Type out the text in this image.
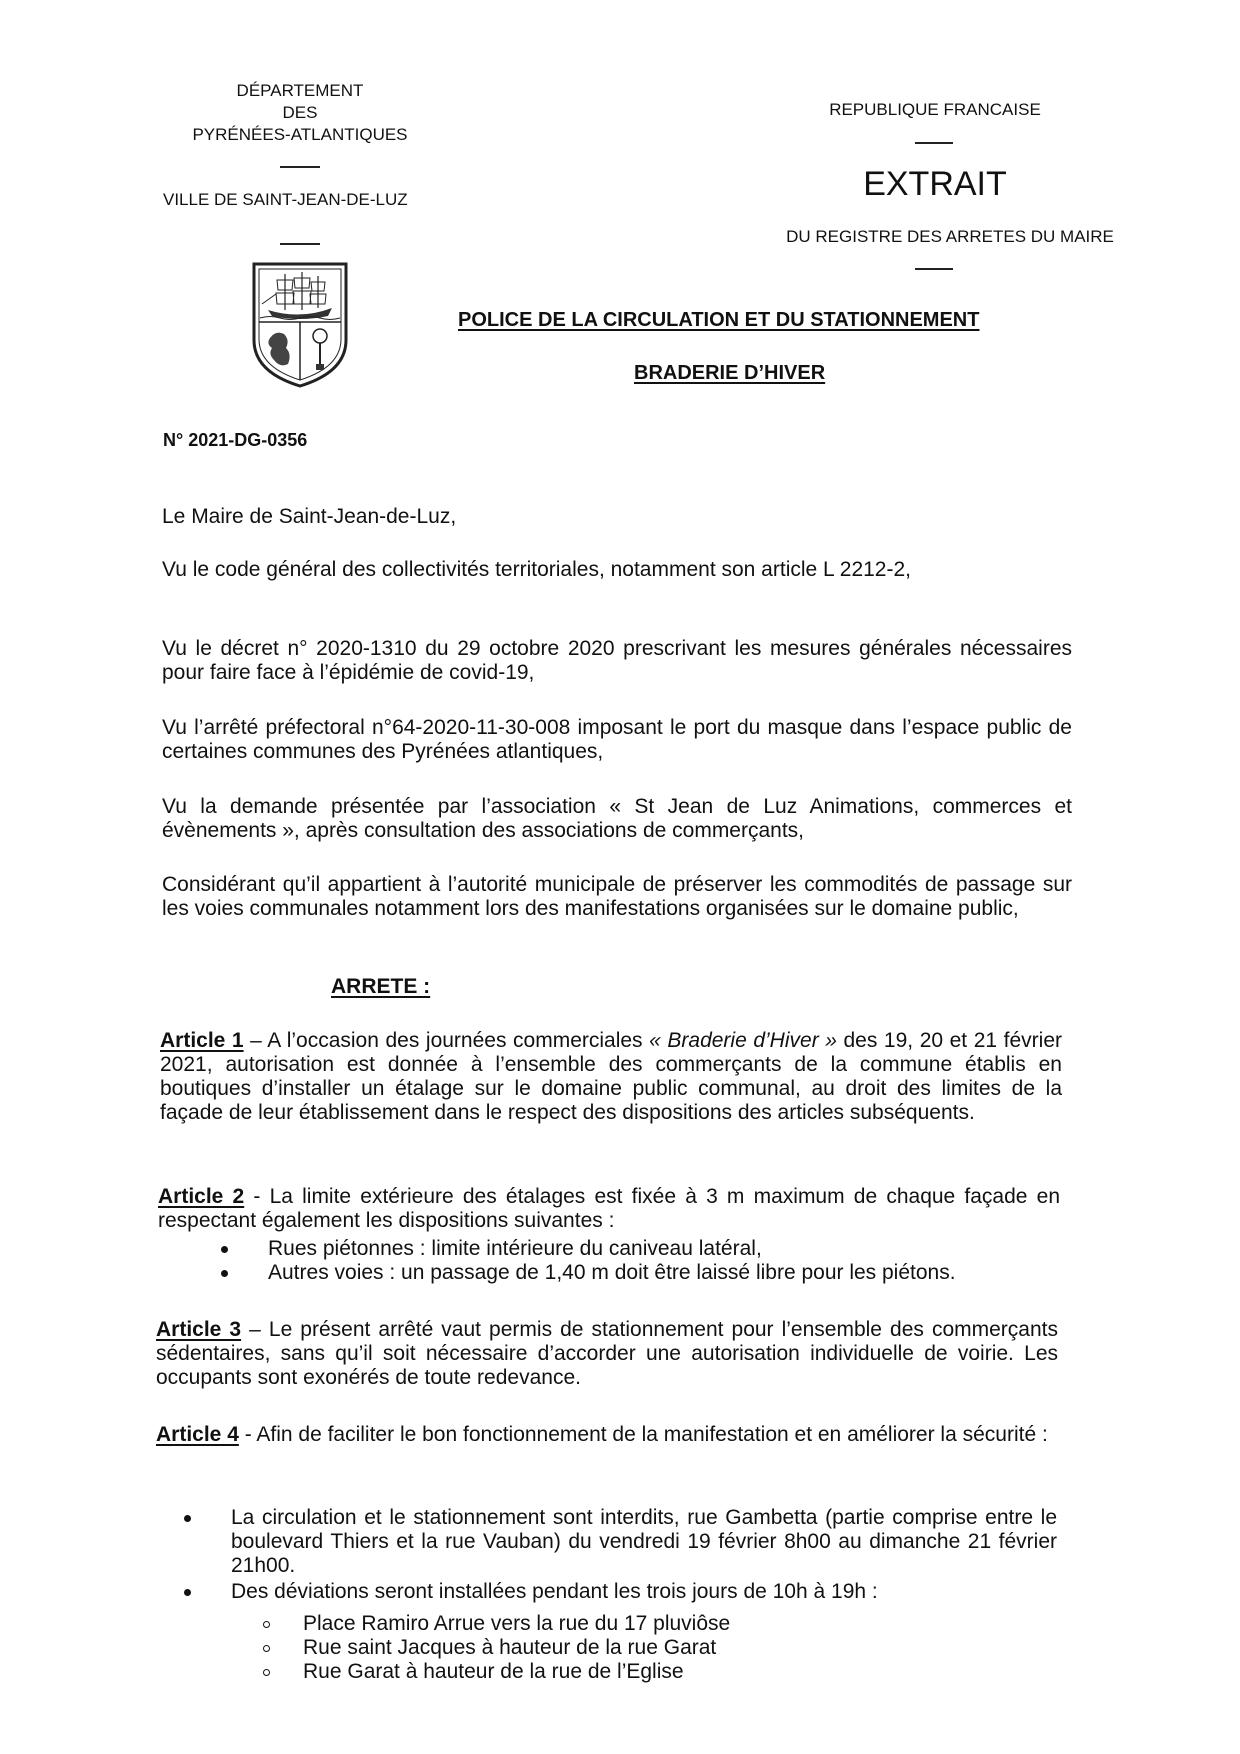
DÉPARTEMENT
DES
PYRÉNÉES-ATLANTIQUES
VILLE DE SAINT-JEAN-DE-LUZ
REPUBLIQUE FRANCAISE
EXTRAIT
DU REGISTRE DES ARRETES DU MAIRE
POLICE DE LA CIRCULATION ET DU STATIONNEMENT
BRADERIE D’HIVER
N° 2021-DG-0356
Le Maire de Saint-Jean-de-Luz,
Vu le code général des collectivités territoriales, notamment son article L 2212-2,
Vu le décret n° 2020-1310 du 29 octobre 2020 prescrivant les mesures générales nécessaires pour faire face à l’épidémie de covid-19,
Vu l’arrêté préfectoral n°64-2020-11-30-008 imposant le port du masque dans l’espace public de certaines communes des Pyrénées atlantiques,
Vu la demande présentée par l’association « St Jean de Luz Animations, commerces et évènements », après consultation des associations de commerçants,
Considérant qu’il appartient à l’autorité municipale de préserver les commodités de passage sur les voies communales notamment lors des manifestations organisées sur le domaine public,
ARRETE :
Article 1 – A l’occasion des journées commerciales « Braderie d’Hiver » des 19, 20 et 21 février 2021, autorisation est donnée à l’ensemble des commerçants de la commune établis en boutiques d’installer un étalage sur le domaine public communal, au droit des limites de la façade de leur établissement dans le respect des dispositions des articles subséquents.
Article 2 - La limite extérieure des étalages est fixée à 3 m maximum de chaque façade en respectant également les dispositions suivantes :
Rues piétonnes : limite intérieure du caniveau latéral,
Autres voies : un passage de 1,40 m doit être laissé libre pour les piétons.
Article 3 – Le présent arrêté vaut permis de stationnement pour l’ensemble des commerçants sédentaires, sans qu’il soit nécessaire d’accorder une autorisation individuelle de voirie. Les occupants sont exonérés de toute redevance.
Article 4 - Afin de faciliter le bon fonctionnement de la manifestation et en améliorer la sécurité :
La circulation et le stationnement sont interdits, rue Gambetta (partie comprise entre le boulevard Thiers et la rue Vauban) du vendredi 19 février 8h00 au dimanche 21 février 21h00.
Des déviations seront installées pendant les trois jours de 10h à 19h :
Place Ramiro Arrue vers la rue du 17 pluviôse
Rue saint Jacques à hauteur de la rue Garat
Rue Garat à hauteur de la rue de l’Eglise
